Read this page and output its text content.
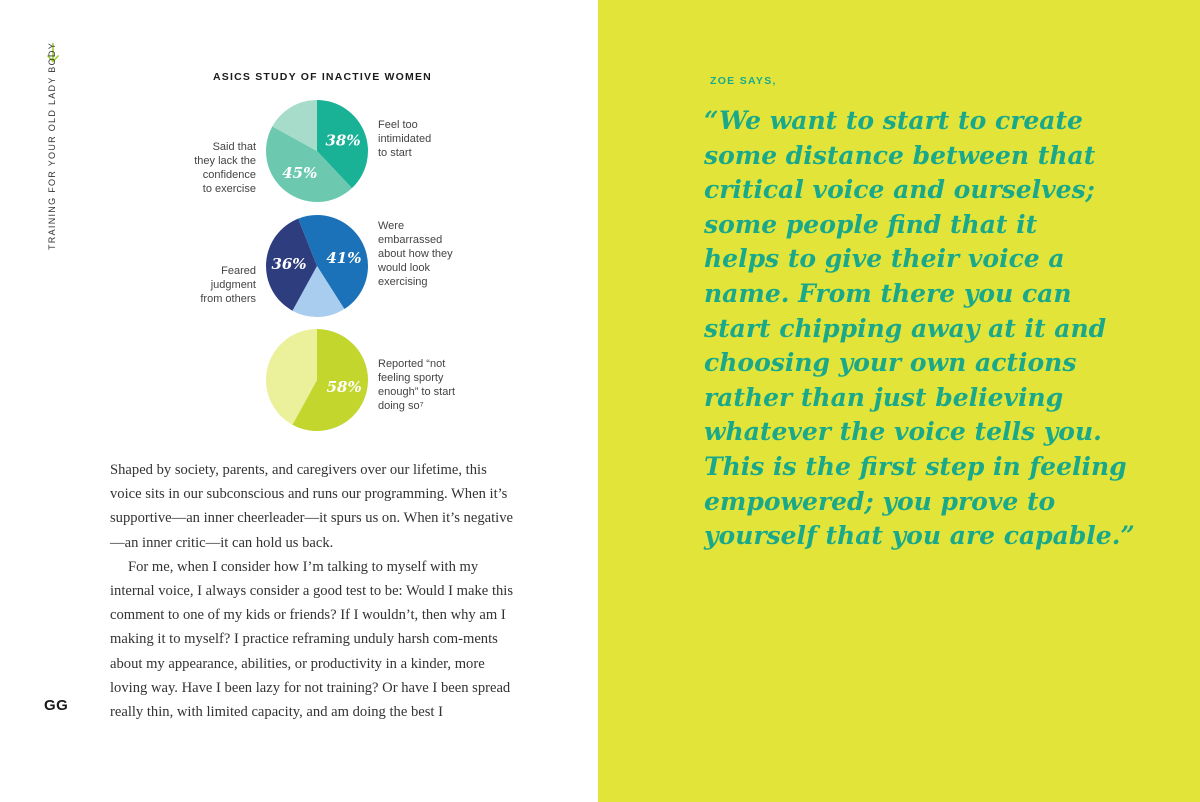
TRAINING FOR YOUR OLD LADY BODY
GG
ASICS STUDY OF INACTIVE WOMEN
38%
45%
Feel too
intimidated
to start
Said that
they lack the
confidence
to exercise
41%
36%
Were
embarrassed
about how they
would look
exercising
Feared
judgment
from others
58%
Reported “not
feeling sporty
enough” to start
doing so⁷

Shaped by society, parents, and caregivers over our lifetime, this voice sits in our subconscious and runs our programming. When it’s supportive—an inner cheerleader—it spurs us on. When it’s negative—an inner critic—it can hold us back.

For me, when I consider how I’m talking to myself with my internal voice, I always consider a good test to be: Would I make this comment to one of my kids or friends? If I wouldn’t, then why am I making it to myself? I practice reframing unduly harsh com-ments about my appearance, abilities, or productivity in a kinder, more loving way. Have I been lazy for not training? Or have I been spread really thin, with limited capacity, and am doing the best I

ZOE SAYS,
“We want to start to create
some distance between that
critical voice and ourselves;
some people find that it
helps to give their voice a
name. From there you can
start chipping away at it and
choosing your own actions
rather than just believing
whatever the voice tells you.
This is the first step in feeling
empowered; you prove to
yourself that you are capable.”
